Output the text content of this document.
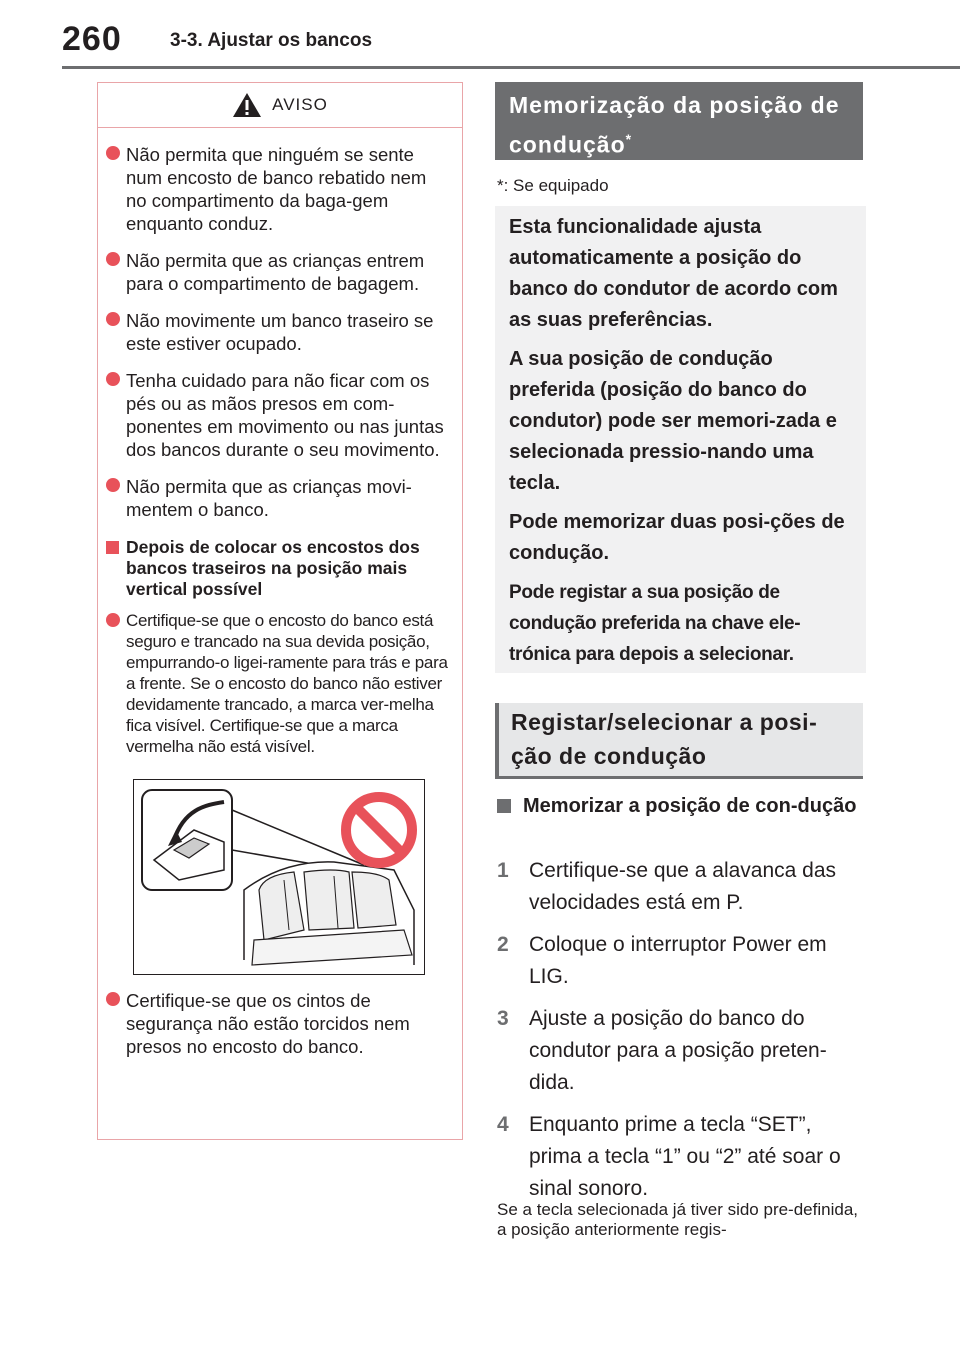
260	3-3. Ajustar os bancos
AVISO
Não permita que ninguém se sente num encosto de banco rebatido nem no compartimento da baga-gem enquanto conduz.
Não permita que as crianças entrem para o compartimento de bagagem.
Não movimente um banco traseiro se este estiver ocupado.
Tenha cuidado para não ficar com os pés ou as mãos presos em com-ponentes em movimento ou nas juntas dos bancos durante o seu movimento.
Não permita que as crianças movi-mentem o banco.
Depois de colocar os encostos dos bancos traseiros na posição mais vertical possível
Certifique-se que o encosto do banco está seguro e trancado na sua devida posição, empurrando-o ligei-ramente para trás e para a frente. Se o encosto do banco não estiver devidamente trancado, a marca ver-melha fica visível. Certifique-se que a marca vermelha não está visível.
Certifique-se que os cintos de segurança não estão torcidos nem presos no encosto do banco.
Memorização da posição de condução*
*: Se equipado

Esta funcionalidade ajusta automaticamente a posição do banco do condutor de acordo com as suas preferências.

A sua posição de condução preferida (posição do banco do condutor) pode ser memori-zada e selecionada pressio-nando uma tecla.

Pode memorizar duas posi-ções de condução.

Pode registar a sua posição de condução preferida na chave ele-trónica para depois a selecionar.

Registar/selecionar a posi-ção de condução
Memorizar a posição de con-dução
1 Certifique-se que a alavanca das velocidades está em P.
2 Coloque o interruptor Power em LIG.
3 Ajuste a posição do banco do condutor para a posição preten-dida.
4 Enquanto prime a tecla “SET”, prima a tecla “1” ou “2” até soar o sinal sonoro.
Se a tecla selecionada já tiver sido pre-definida, a posição anteriormente regis-
